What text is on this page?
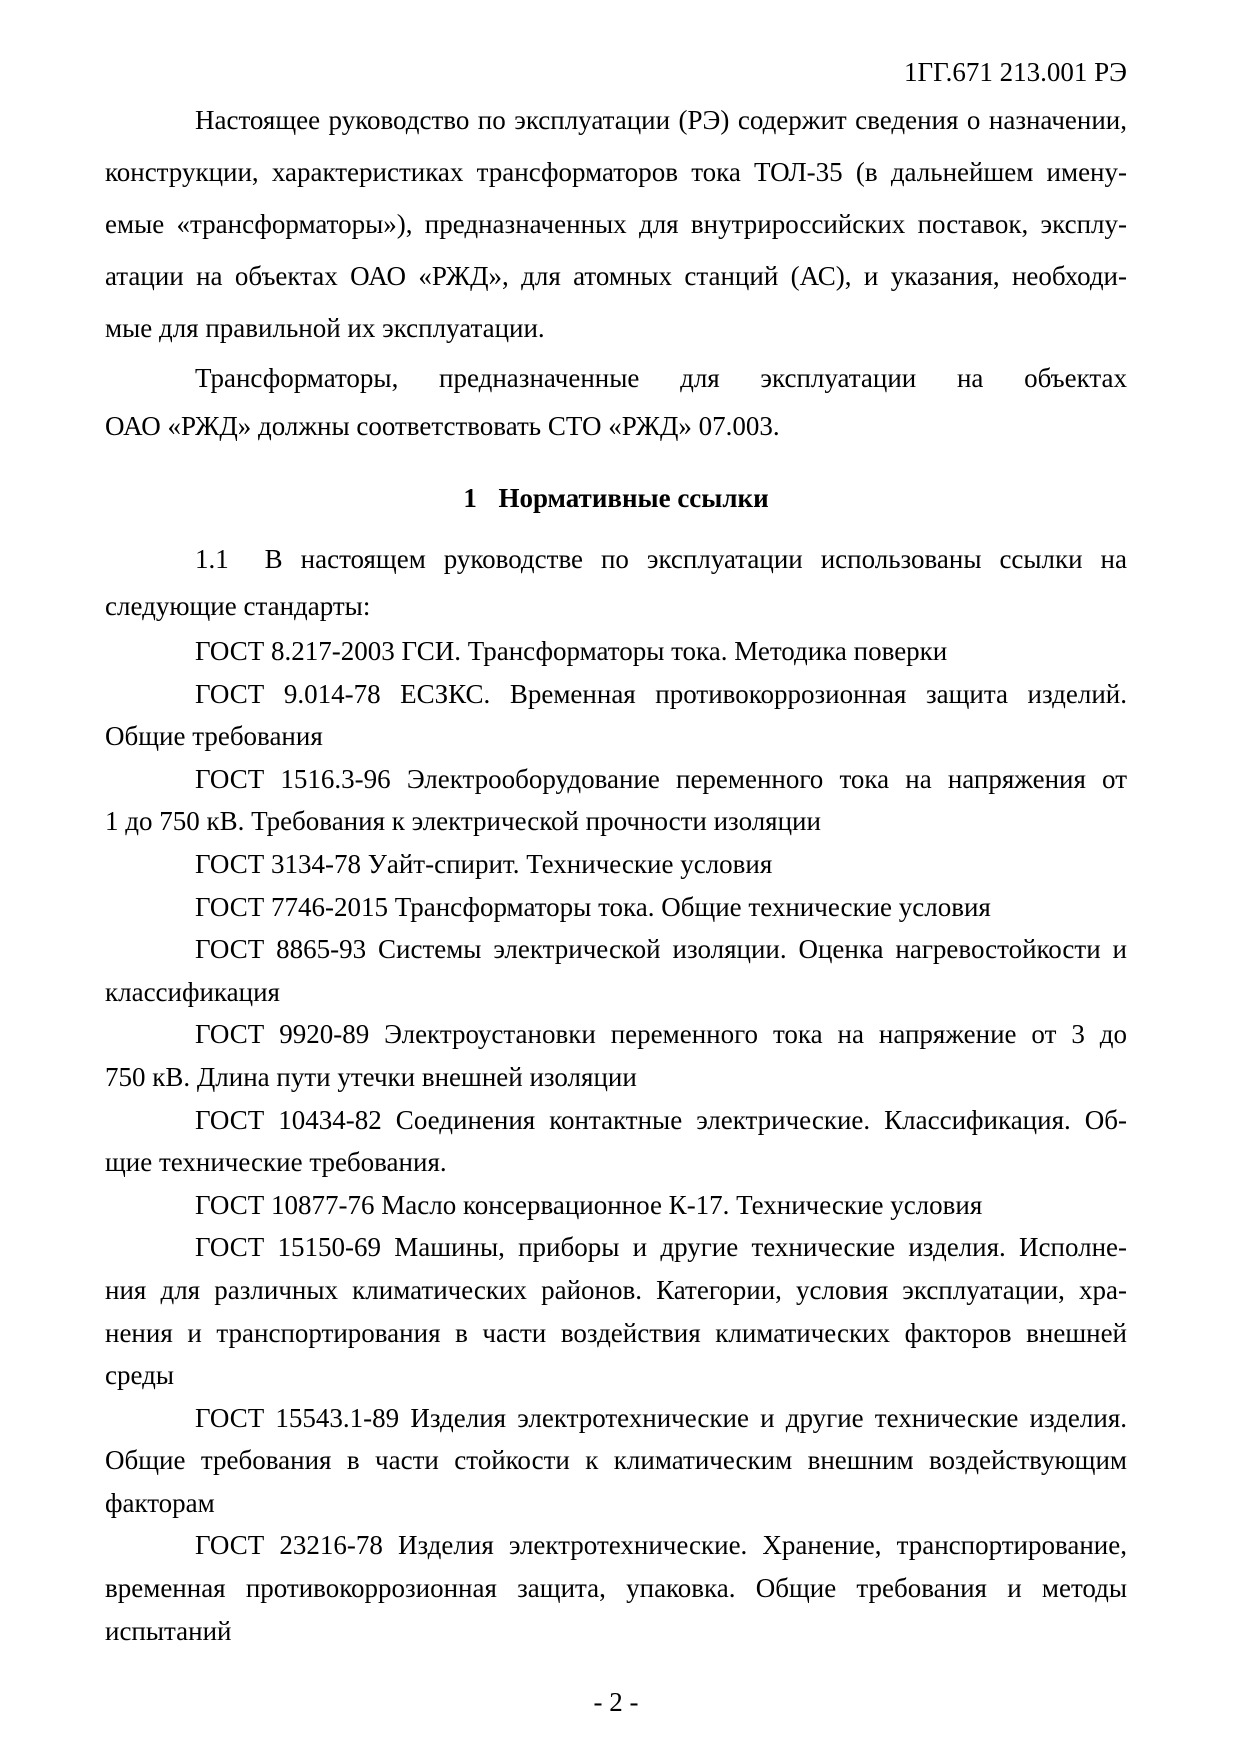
1ГГ.671 213.001 РЭ
Настоящее руководство по эксплуатации (РЭ) содержит сведения о назначении,
конструкции, характеристиках трансформаторов тока ТОЛ-35 (в дальнейшем имену-
емые «трансформаторы»), предназначенных для внутрироссийских поставок, эксплу-
атации на объектах ОАО «РЖД», для атомных станций (АС), и указания, необходи-
мые для правильной их эксплуатации.
Трансформаторы, предназначенные для эксплуатации на объектах
ОАО «РЖД» должны соответствовать СТО «РЖД» 07.003.
1 Нормативные ссылки
1.1  В настоящем руководстве по эксплуатации использованы ссылки на
следующие стандарты:
ГОСТ 8.217-2003 ГСИ. Трансформаторы тока. Методика поверки
ГОСТ 9.014-78 ЕСЗКС. Временная противокоррозионная защита изделий.
Общие требования
ГОСТ 1516.3-96 Электрооборудование переменного тока на напряжения от
1 до 750 кВ. Требования к электрической прочности изоляции
ГОСТ 3134-78 Уайт-спирит. Технические условия
ГОСТ 7746-2015 Трансформаторы тока. Общие технические условия
ГОСТ 8865-93 Системы электрической изоляции. Оценка нагревостойкости и
классификация
ГОСТ 9920-89 Электроустановки переменного тока на напряжение от 3 до
750 кВ. Длина пути утечки внешней изоляции
ГОСТ 10434-82 Соединения контактные электрические. Классификация. Об-
щие технические требования.
ГОСТ 10877-76 Масло консервационное К-17. Технические условия
ГОСТ 15150-69 Машины, приборы и другие технические изделия. Исполне-
ния для различных климатических районов. Категории, условия эксплуатации, хра-
нения и транспортирования в части воздействия климатических факторов внешней
среды
ГОСТ 15543.1-89 Изделия электротехнические и другие технические изделия.
Общие требования в части стойкости к климатическим внешним воздействующим
факторам
ГОСТ 23216-78 Изделия электротехнические. Хранение, транспортирование,
временная противокоррозионная защита, упаковка. Общие требования и методы
испытаний
- 2 -
